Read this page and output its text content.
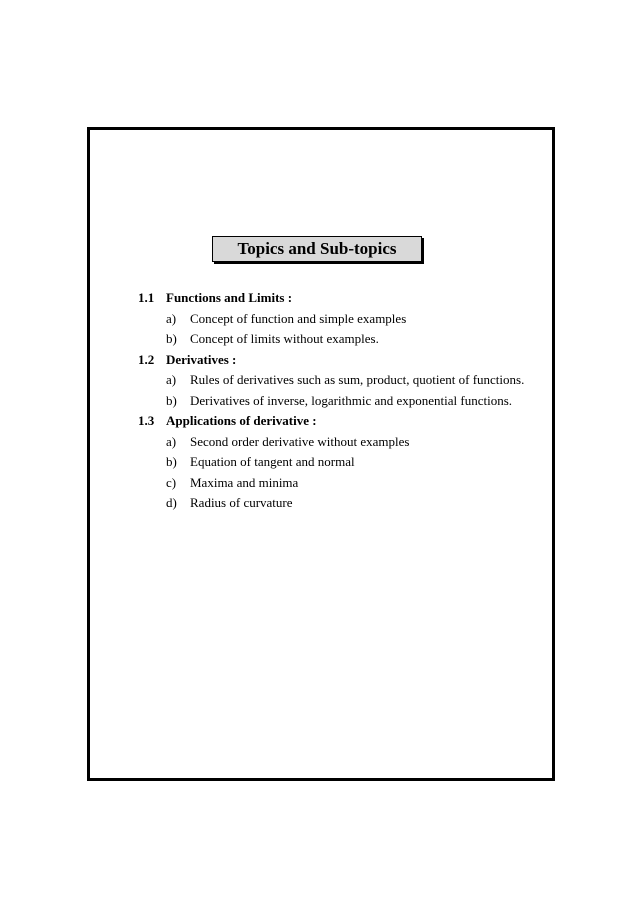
Topics and Sub-topics
1.1 Functions and Limits :
a)	Concept of function and simple examples
b)	Concept of limits without examples.
1.2 Derivatives :
a)	Rules of derivatives such as sum, product, quotient of functions.
b)	Derivatives of inverse, logarithmic and exponential functions.
1.3 Applications of derivative :
a)	Second order derivative without examples
b)	Equation of tangent and normal
c)	Maxima and minima
d)	Radius of curvature
